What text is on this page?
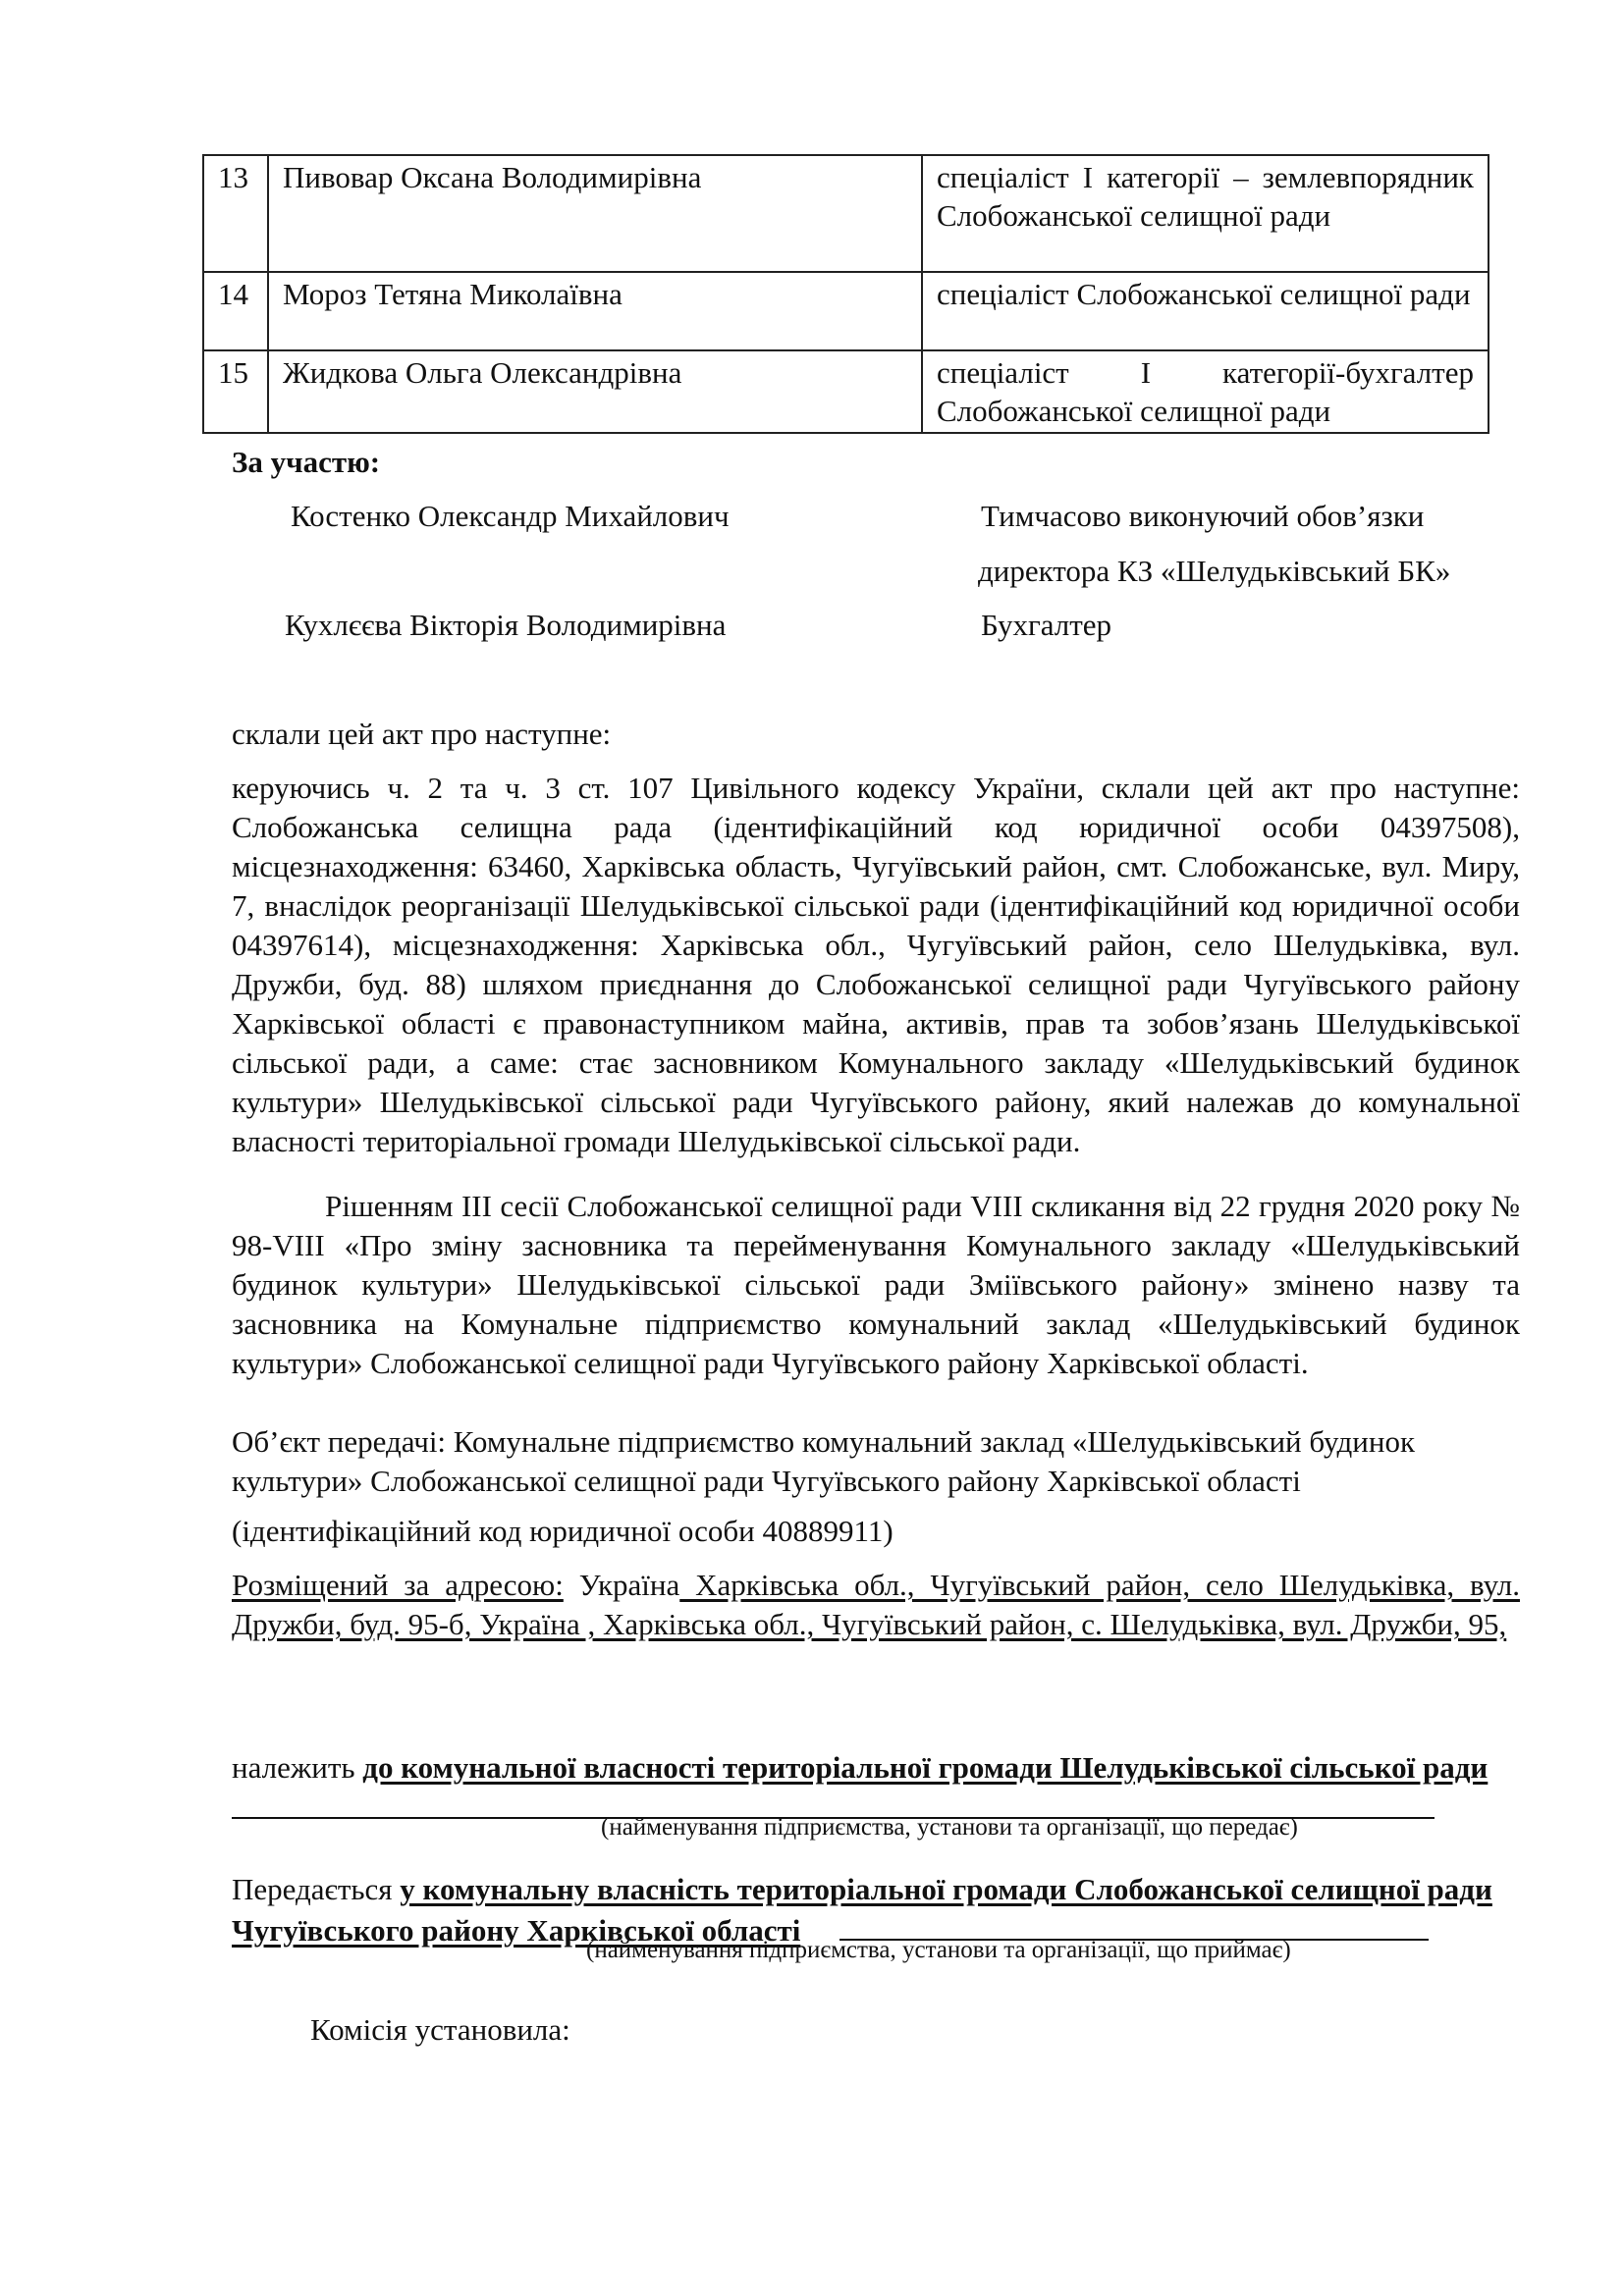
13	Пивовар Оксана Володимирівна	спеціаліст І категорії – землевпорядник Слобожанської селищної ради
14	Мороз Тетяна Миколаївна	спеціаліст Слобожанської селищної ради
15	Жидкова Ольга Олександрівна	спеціаліст І категорії-бухгалтер Слобожанської селищної ради
За участю:
Костенко Олександр Михайлович	Тимчасово виконуючий обов’язки
директора КЗ «Шелудьківський БК»
Кухлєєва Вікторія Володимирівна	Бухгалтер
склали цей акт про наступне:
керуючись ч. 2 та ч. 3 ст. 107 Цивільного кодексу України, склали цей акт про наступне: Слобожанська селищна рада (ідентифікаційний код юридичної особи 04397508), місцезнаходження: 63460, Харківська область, Чугуївський район, смт. Слобожанське, вул. Миру, 7, внаслідок реорганізації Шелудьківської сільської ради (ідентифікаційний код юридичної особи 04397614), місцезнаходження: Харківська обл., Чугуївський район, село Шелудьківка, вул. Дружби, буд. 88) шляхом приєднання до Слобожанської селищної ради Чугуївського району Харківської області є правонаступником майна, активів, прав та зобов’язань Шелудьківської сільської ради, а саме: стає засновником Комунального закладу «Шелудьківський будинок культури» Шелудьківської сільської ради Чугуївського району, який належав до комунальної власності територіальної громади Шелудьківської сільської ради.
Рішенням ІІІ сесії Слобожанської селищної ради VIII скликання від 22 грудня 2020 року № 98-VIII «Про зміну засновника та перейменування Комунального закладу «Шелудьківський будинок культури» Шелудьківської сільської ради Зміївського району» змінено назву та засновника на Комунальне підприємство комунальний заклад «Шелудьківський будинок культури» Слобожанської селищної ради Чугуївського району Харківської області.
Об’єкт передачі: Комунальне підприємство комунальний заклад «Шелудьківський будинок культури» Слобожанської селищної ради Чугуївського району Харківської області
(ідентифікаційний код юридичної особи 40889911)
Розміщений за адресою: Україна Харківська обл., Чугуївський район, село Шелудьківка, вул. Дружби, буд. 95-б, Україна , Харківська обл., Чугуївський район, с. Шелудьківка, вул. Дружби, 95,
належить до комунальної власності територіальної громади Шелудьківської сільської ради
(найменування підприємства, установи та організації, що передає)
Передається у комунальну власність територіальної громади Слобожанської селищної ради Чугуївського району Харківської області
(найменування підприємства, установи та організації, що приймає)
Комісія установила:
